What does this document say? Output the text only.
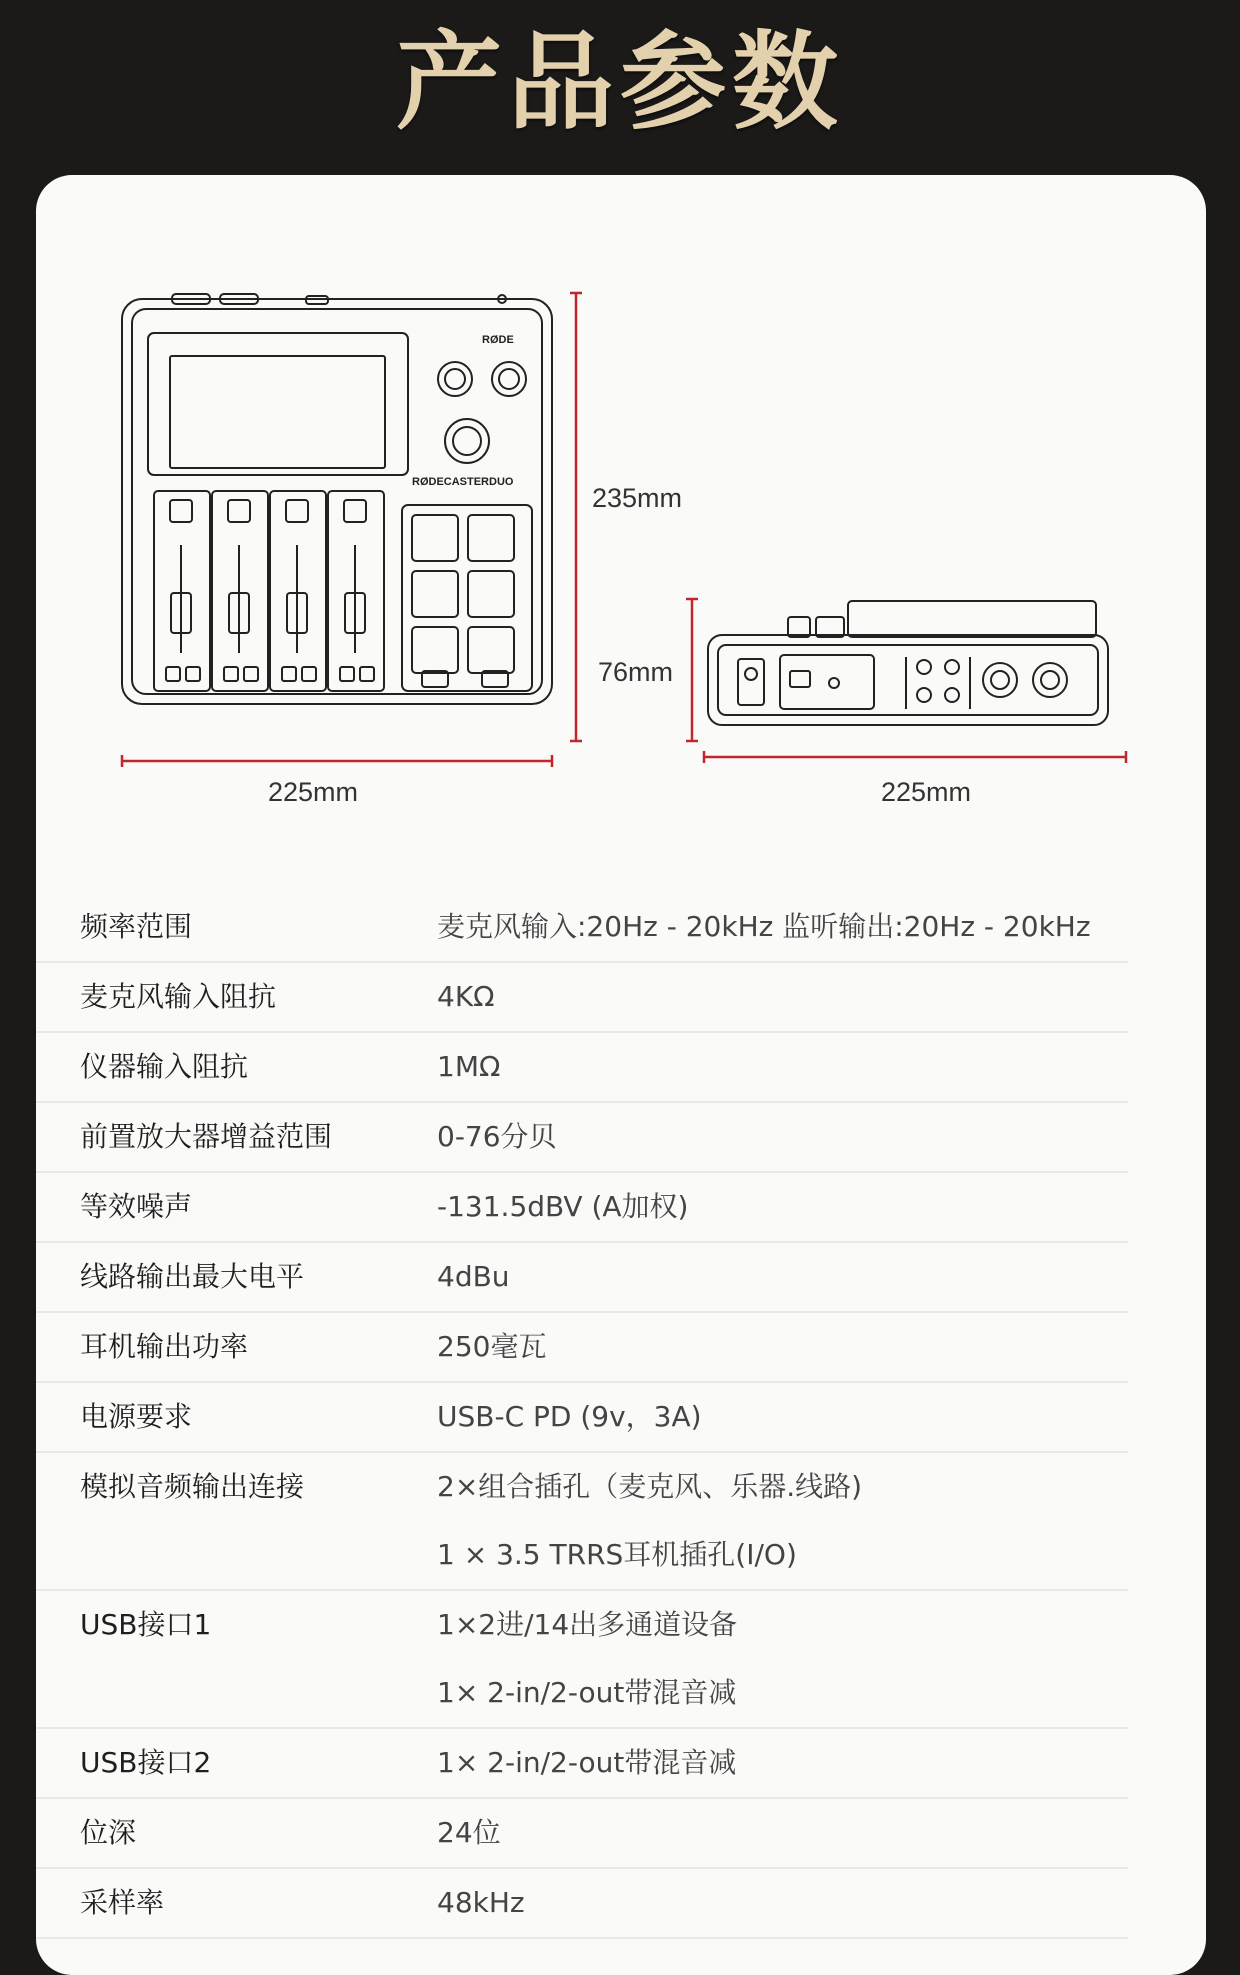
产品参数
RØDE
RØDECASTERDUO
235mm
225mm
76mm
225mm
频率范围	麦克风输入:20Hz - 20kHz 监听输出:20Hz - 20kHz
麦克风输入阻抗	4KΩ
仪器输入阻抗	1MΩ
前置放大器增益范围	0-76分贝
等效噪声	-131.5dBV (A加权)
线路输出最大电平	4dBu
耳机输出功率	250毫瓦
电源要求	USB-C PD (9v，3A)
模拟音频输出连接	2×组合插孔（麦克风、乐器.线路)
1 × 3.5 TRRS耳机插孔(I/O)
USB接口1	1×2进/14出多通道设备
1× 2-in/2-out带混音减
USB接口2	1× 2-in/2-out带混音减
位深	24位
采样率	48kHz
